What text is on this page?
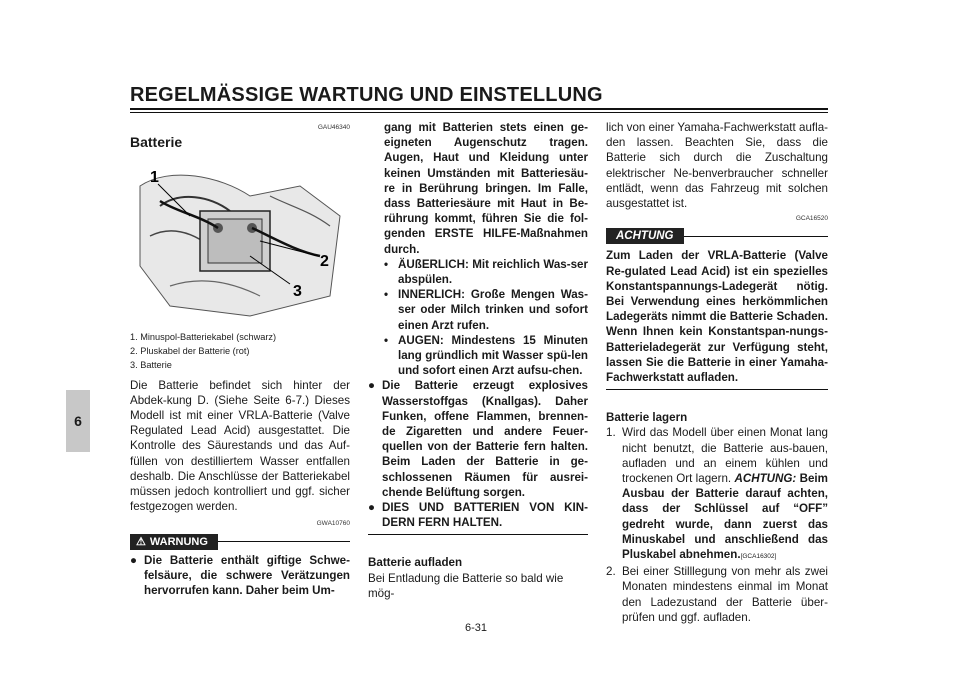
REGELMÄSSIGE WARTUNG UND EINSTELLUNG
6
GAU46340
Batterie
1
2
3
1. Minuspol-Batteriekabel (schwarz)
2. Pluskabel der Batterie (rot)
3. Batterie

Die Batterie befindet sich hinter der Abdek-kung D. (Siehe Seite 6-7.) Dieses Modell ist mit einer VRLA-Batterie (Valve Regulated Lead Acid) ausgestattet. Die Kontrolle des Säurestands und das Auf-füllen von destilliertem Wasser entfallen deshalb. Die Anschlüsse der Batteriekabel müssen jedoch kontrolliert und ggf. sicher festgezogen werden.

GWA10760
⚠ WARNUNG
● Die Batterie enthält giftige Schwe-felsäure, die schwere Verätzungen hervorrufen kann. Daher beim Um-

gang mit Batterien stets einen ge-eigneten Augenschutz tragen. Augen, Haut und Kleidung unter keinen Umständen mit Batteriesäu-re in Berührung bringen. Im Falle, dass Batteriesäure mit Haut in Be-rührung kommt, führen Sie die fol-genden ERSTE HILFE-Maßnahmen durch.

• ÄUßERLICH: Mit reichlich Was-ser abspülen.
• INNERLICH: Große Mengen Was-ser oder Milch trinken und sofort einen Arzt rufen.
• AUGEN: Mindestens 15 Minuten lang gründlich mit Wasser spü-len und sofort einen Arzt aufsu-chen.
● Die Batterie erzeugt explosives Wasserstoffgas (Knallgas). Daher Funken, offene Flammen, brennen-de Zigaretten und andere Feuer-quellen von der Batterie fern halten. Beim Laden der Batterie in ge-schlossenen Räumen für ausrei-chende Belüftung sorgen.
● DIES UND BATTERIEN VON KIN-DERN FERN HALTEN.
Batterie aufladen

Bei Entladung die Batterie so bald wie mög-

lich von einer Yamaha-Fachwerkstatt aufla-den lassen. Beachten Sie, dass die Batterie sich durch die Zuschaltung elektrischer Ne-benverbraucher schneller entlädt, wenn das Fahrzeug mit solchen ausgestattet ist.

GCA16520
ACHTUNG

Zum Laden der VRLA-Batterie (Valve Re-gulated Lead Acid) ist ein spezielles Konstantspannungs-Ladegerät nötig. Bei Verwendung eines herkömmlichen Ladegeräts nimmt die Batterie Schaden. Wenn Ihnen kein Konstantspan-nungs-Batterieladegerät zur Verfügung steht, lassen Sie die Batterie in einer Yamaha-Fachwerkstatt aufladen.

Batterie lagern
1. Wird das Modell über einen Monat lang nicht benutzt, die Batterie aus-bauen, aufladen und an einem kühlen und trockenen Ort lagern. ACHTUNG: Beim Ausbau der Batterie darauf achten, dass der Schlüssel auf “OFF” gedreht wurde, dann zuerst das Minuskabel und anschließend das Pluskabel abnehmen.[GCA16302]
2. Bei einer Stilllegung von mehr als zwei Monaten mindestens einmal im Monat den Ladezustand der Batterie über-prüfen und ggf. aufladen.
6-31
